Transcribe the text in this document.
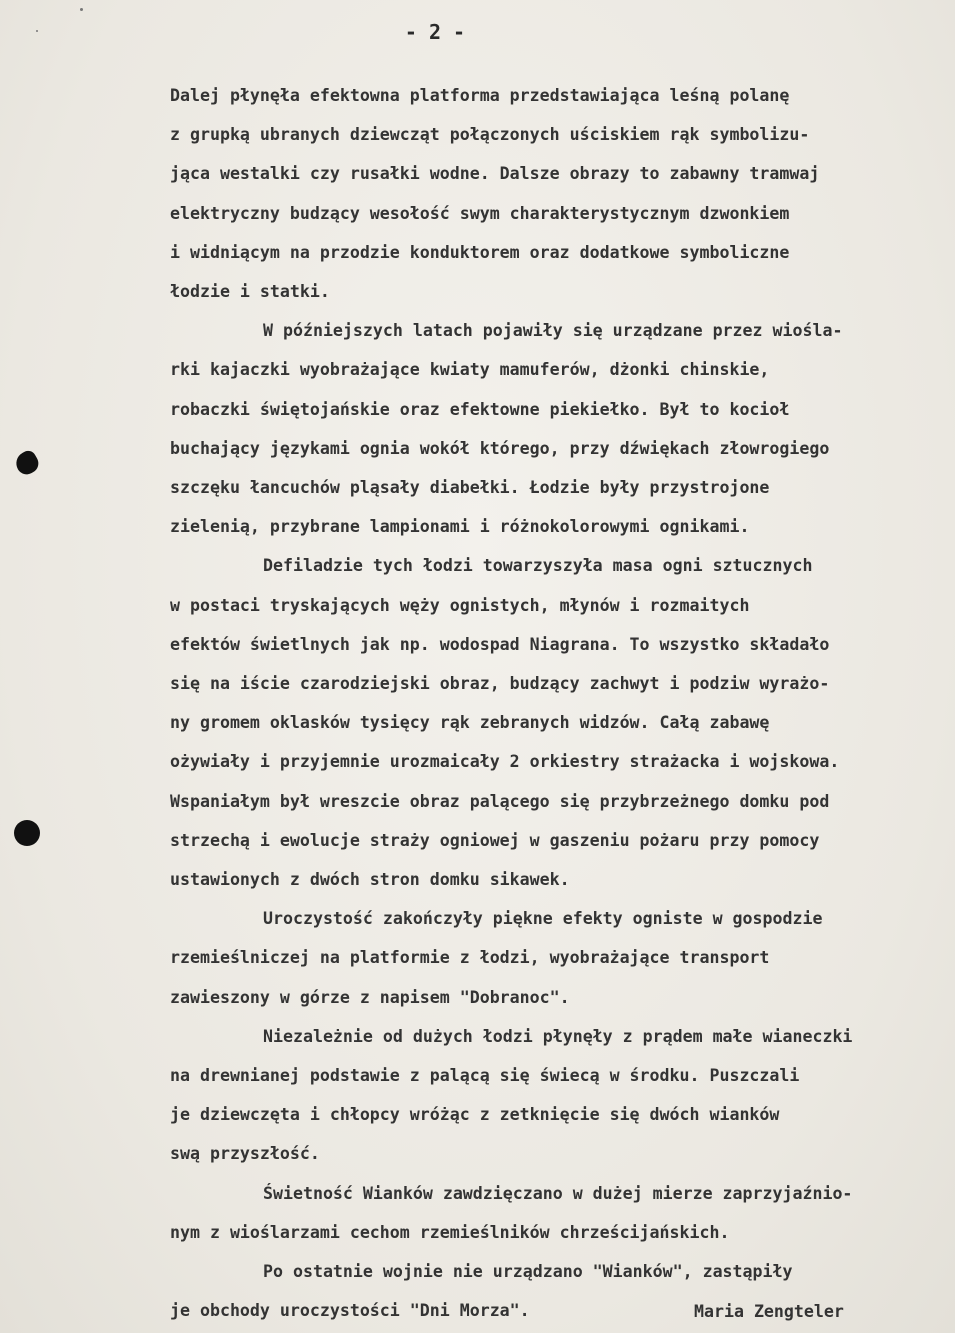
- 2 -

Dalej płynęła efektowna platforma przedstawiająca leśną polanę

z grupką ubranych dziewcząt połączonych uściskiem rąk symbolizu-

jąca westalki czy rusałki wodne. Dalsze obrazy to zabawny tramwaj

elektryczny budzący wesołość swym charakterystycznym dzwonkiem

i widniącym na przodzie konduktorem oraz dodatkowe symboliczne

łodzie i statki.

W późniejszych latach pojawiły się urządzane przez wiośla-

rki kajaczki wyobrażające kwiaty mamuferów, dżonki chinskie,

robaczki świętojańskie oraz efektowne piekiełko. Był to kocioł

buchający językami ognia wokół którego, przy dźwiękach złowrogiego

szczęku łancuchów pląsały diabełki. Łodzie były przystrojone

zielenią, przybrane lampionami i różnokolorowymi ognikami.

Defiladzie tych łodzi towarzyszyła masa ogni sztucznych

w postaci tryskających węży ognistych, młynów i rozmaitych

efektów świetlnych jak np. wodospad Niagrana. To wszystko składało

się na iście czarodziejski obraz, budzący zachwyt i podziw wyrażo-

ny gromem oklasków tysięcy rąk zebranych widzów. Całą zabawę

ożywiały i przyjemnie urozmaicały 2 orkiestry strażacka i wojskowa.

Wspaniałym był wreszcie obraz palącego się przybrzeżnego domku pod

strzechą i ewolucje straży ogniowej w gaszeniu pożaru przy pomocy

ustawionych z dwóch stron domku sikawek.

Uroczystość zakończyły piękne efekty ogniste w gospodzie

rzemieślniczej na platformie z łodzi, wyobrażające transport

zawieszony w górze z napisem "Dobranoc".

Niezależnie od dużych łodzi płynęły z prądem małe wianeczki

na drewnianej podstawie z palącą się świecą w środku. Puszczali

je dziewczęta i chłopcy wróżąc z zetknięcie się dwóch wianków

swą przyszłość.

Świetność Wianków zawdzięczano w dużej mierze zaprzyjaźnio-

nym z wioślarzami cechom rzemieślników chrześcijańskich.

Po ostatnie wojnie nie urządzano "Wianków", zastąpiły

je obchody uroczystości "Dni Morza".	Maria Zengteler
